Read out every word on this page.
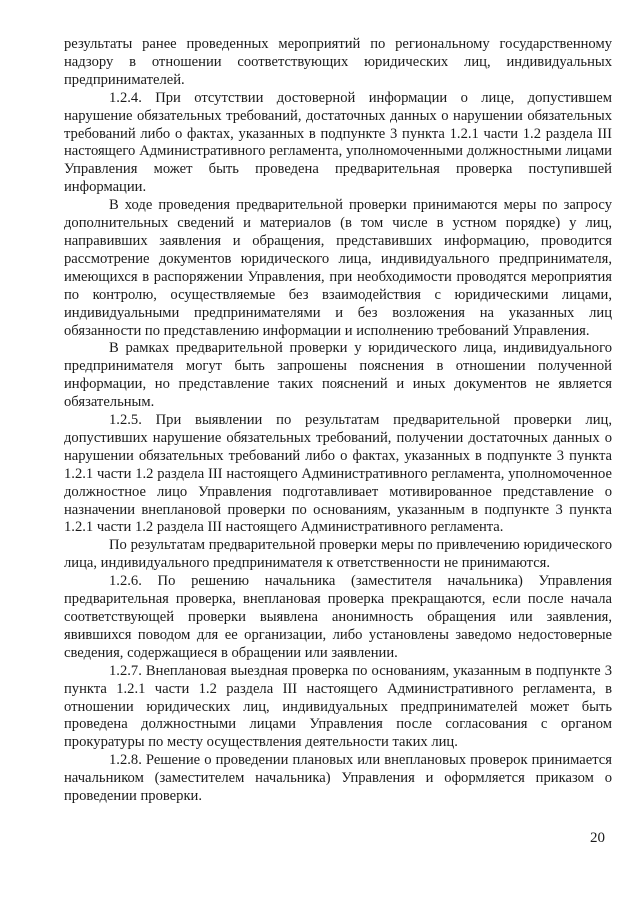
результаты ранее проведенных мероприятий по региональному государственному надзору в отношении соответствующих юридических лиц, индивидуальных предпринимателей.

1.2.4. При отсутствии достоверной информации о лице, допустившем нарушение обязательных требований, достаточных данных о нарушении обязательных требований либо о фактах, указанных в подпункте 3 пункта 1.2.1 части 1.2 раздела III настоящего Административного регламента, уполномоченными должностными лицами Управления может быть проведена предварительная проверка поступившей информации.

В ходе проведения предварительной проверки принимаются меры по запросу дополнительных сведений и материалов (в том числе в устном порядке) у лиц, направивших заявления и обращения, представивших информацию, проводится рассмотрение документов юридического лица, индивидуального предпринимателя, имеющихся в распоряжении Управления, при необходимости проводятся мероприятия по контролю, осуществляемые без взаимодействия с юридическими лицами, индивидуальными предпринимателями и без возложения на указанных лиц обязанности по представлению информации и исполнению требований Управления.

В рамках предварительной проверки у юридического лица, индивидуального предпринимателя могут быть запрошены пояснения в отношении полученной информации, но представление таких пояснений и иных документов не является обязательным.

1.2.5. При выявлении по результатам предварительной проверки лиц, допустивших нарушение обязательных требований, получении достаточных данных о нарушении обязательных требований либо о фактах, указанных в подпункте 3 пункта 1.2.1 части 1.2 раздела III настоящего Административного регламента, уполномоченное должностное лицо Управления подготавливает мотивированное представление о назначении внеплановой проверки по основаниям, указанным в подпункте 3 пункта 1.2.1 части 1.2 раздела III настоящего Административного регламента.

По результатам предварительной проверки меры по привлечению юридического лица, индивидуального предпринимателя к ответственности не принимаются.

1.2.6. По решению начальника (заместителя начальника) Управления предварительная проверка, внеплановая проверка прекращаются, если после начала соответствующей проверки выявлена анонимность обращения или заявления, явившихся поводом для ее организации, либо установлены заведомо недостоверные сведения, содержащиеся в обращении или заявлении.

1.2.7. Внеплановая выездная проверка по основаниям, указанным в подпункте 3 пункта 1.2.1 части 1.2 раздела III настоящего Административного регламента, в отношении юридических лиц, индивидуальных предпринимателей может быть проведена должностными лицами Управления после согласования с органом прокуратуры по месту осуществления деятельности таких лиц.

1.2.8. Решение о проведении плановых или внеплановых проверок принимается начальником (заместителем начальника) Управления и оформляется приказом о проведении проверки.

20
